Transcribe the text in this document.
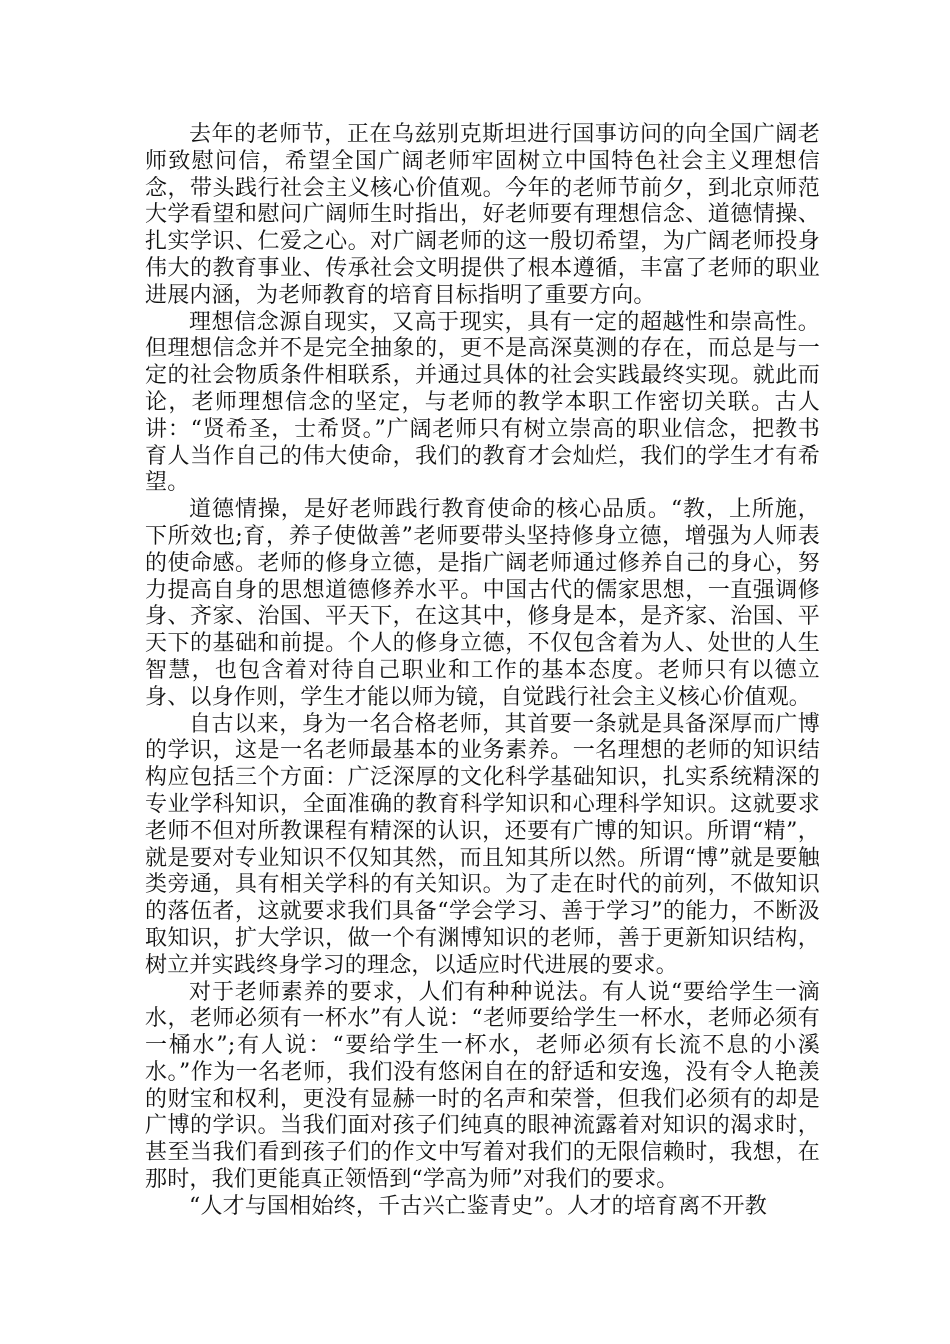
去年的老师节，正在乌兹别克斯坦进行国事访问的向全国广阔老师致慰问信，希望全国广阔老师牢固树立中国特色社会主义理想信念，带头践行社会主义核心价值观。今年的老师节前夕，到北京师范大学看望和慰问广阔师生时指出，好老师要有理想信念、道德情操、扎实学识、仁爱之心。对广阔老师的这一殷切希望，为广阔老师投身伟大的教育事业、传承社会文明提供了根本遵循，丰富了老师的职业进展内涵，为老师教育的培育目标指明了重要方向。

理想信念源自现实，又高于现实，具有一定的超越性和崇高性。但理想信念并不是完全抽象的，更不是高深莫测的存在，而总是与一定的社会物质条件相联系，并通过具体的社会实践最终实现。就此而论，老师理想信念的坚定，与老师的教学本职工作密切关联。古人讲：“贤希圣，士希贤。”广阔老师只有树立崇高的职业信念，把教书育人当作自己的伟大使命，我们的教育才会灿烂，我们的学生才有希望。

道德情操，是好老师践行教育使命的核心品质。“教，上所施，下所效也;育，养子使做善”老师要带头坚持修身立德，增强为人师表的使命感。老师的修身立德，是指广阔老师通过修养自己的身心，努力提高自身的思想道德修养水平。中国古代的儒家思想，一直强调修身、齐家、治国、平天下，在这其中，修身是本，是齐家、治国、平天下的基础和前提。个人的修身立德，不仅包含着为人、处世的人生智慧，也包含着对待自己职业和工作的基本态度。老师只有以德立身、以身作则，学生才能以师为镜，自觉践行社会主义核心价值观。

自古以来，身为一名合格老师，其首要一条就是具备深厚而广博的学识，这是一名老师最基本的业务素养。一名理想的老师的知识结构应包括三个方面：广泛深厚的文化科学基础知识，扎实系统精深的专业学科知识，全面准确的教育科学知识和心理科学知识。这就要求老师不但对所教课程有精深的认识，还要有广博的知识。所谓“精”，就是要对专业知识不仅知其然，而且知其所以然。所谓“博”就是要触类旁通，具有相关学科的有关知识。为了走在时代的前列，不做知识的落伍者，这就要求我们具备“学会学习、善于学习”的能力，不断汲取知识，扩大学识，做一个有渊博知识的老师，善于更新知识结构，树立并实践终身学习的理念，以适应时代进展的要求。

对于老师素养的要求，人们有种种说法。有人说“要给学生一滴水，老师必须有一杯水”有人说：“老师要给学生一杯水，老师必须有一桶水”;有人说：“要给学生一杯水，老师必须有长流不息的小溪水。”作为一名老师，我们没有悠闲自在的舒适和安逸，没有令人艳羡的财宝和权利，更没有显赫一时的名声和荣誉，但我们必须有的却是广博的学识。当我们面对孩子们纯真的眼神流露着对知识的渴求时，甚至当我们看到孩子们的作文中写着对我们的无限信赖时，我想，在那时，我们更能真正领悟到“学高为师”对我们的要求。

“人才与国相始终，千古兴亡鉴青史”。人才的培育离不开教
